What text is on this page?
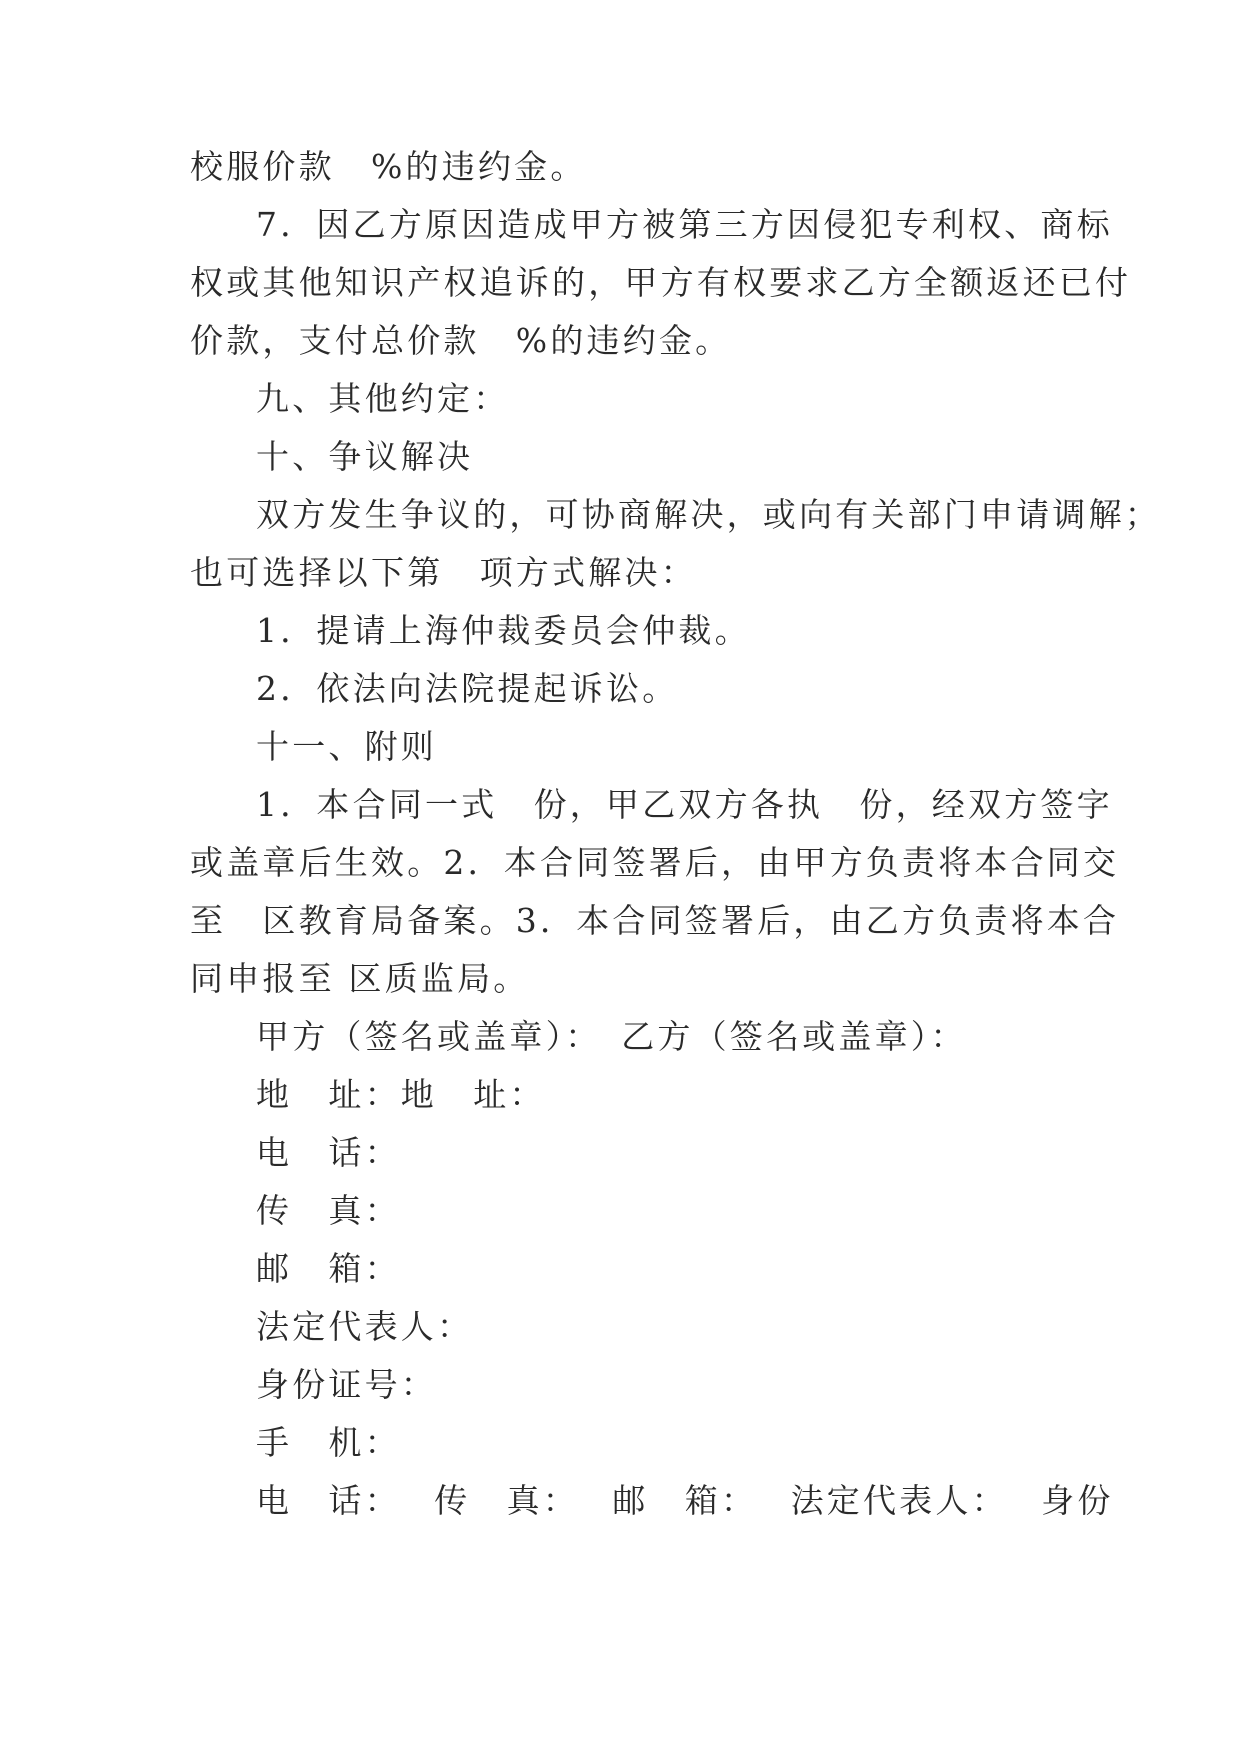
校服价款　%的违约金。

7．因乙方原因造成甲方被第三方因侵犯专利权、商标

权或其他知识产权追诉的，甲方有权要求乙方全额返还已付

价款，支付总价款　%的违约金。

九、其他约定：

十、争议解决

双方发生争议的，可协商解决，或向有关部门申请调解；

也可选择以下第　项方式解决：

1．提请上海仲裁委员会仲裁。

2．依法向法院提起诉讼。

十一、附则

1．本合同一式　份，甲乙双方各执　份，经双方签字

或盖章后生效。2．本合同签署后，由甲方负责将本合同交

至　区教育局备案。3．本合同签署后，由乙方负责将本合

同申报至 区质监局。

甲方（签名或盖章）：　乙方（签名或盖章）：

地　址：地　址：

电　话：

传　真：

邮　箱：

法定代表人：

身份证号：

手　机：

电　话：　 传　真：　 邮　箱：　 法定代表人：　 身份
